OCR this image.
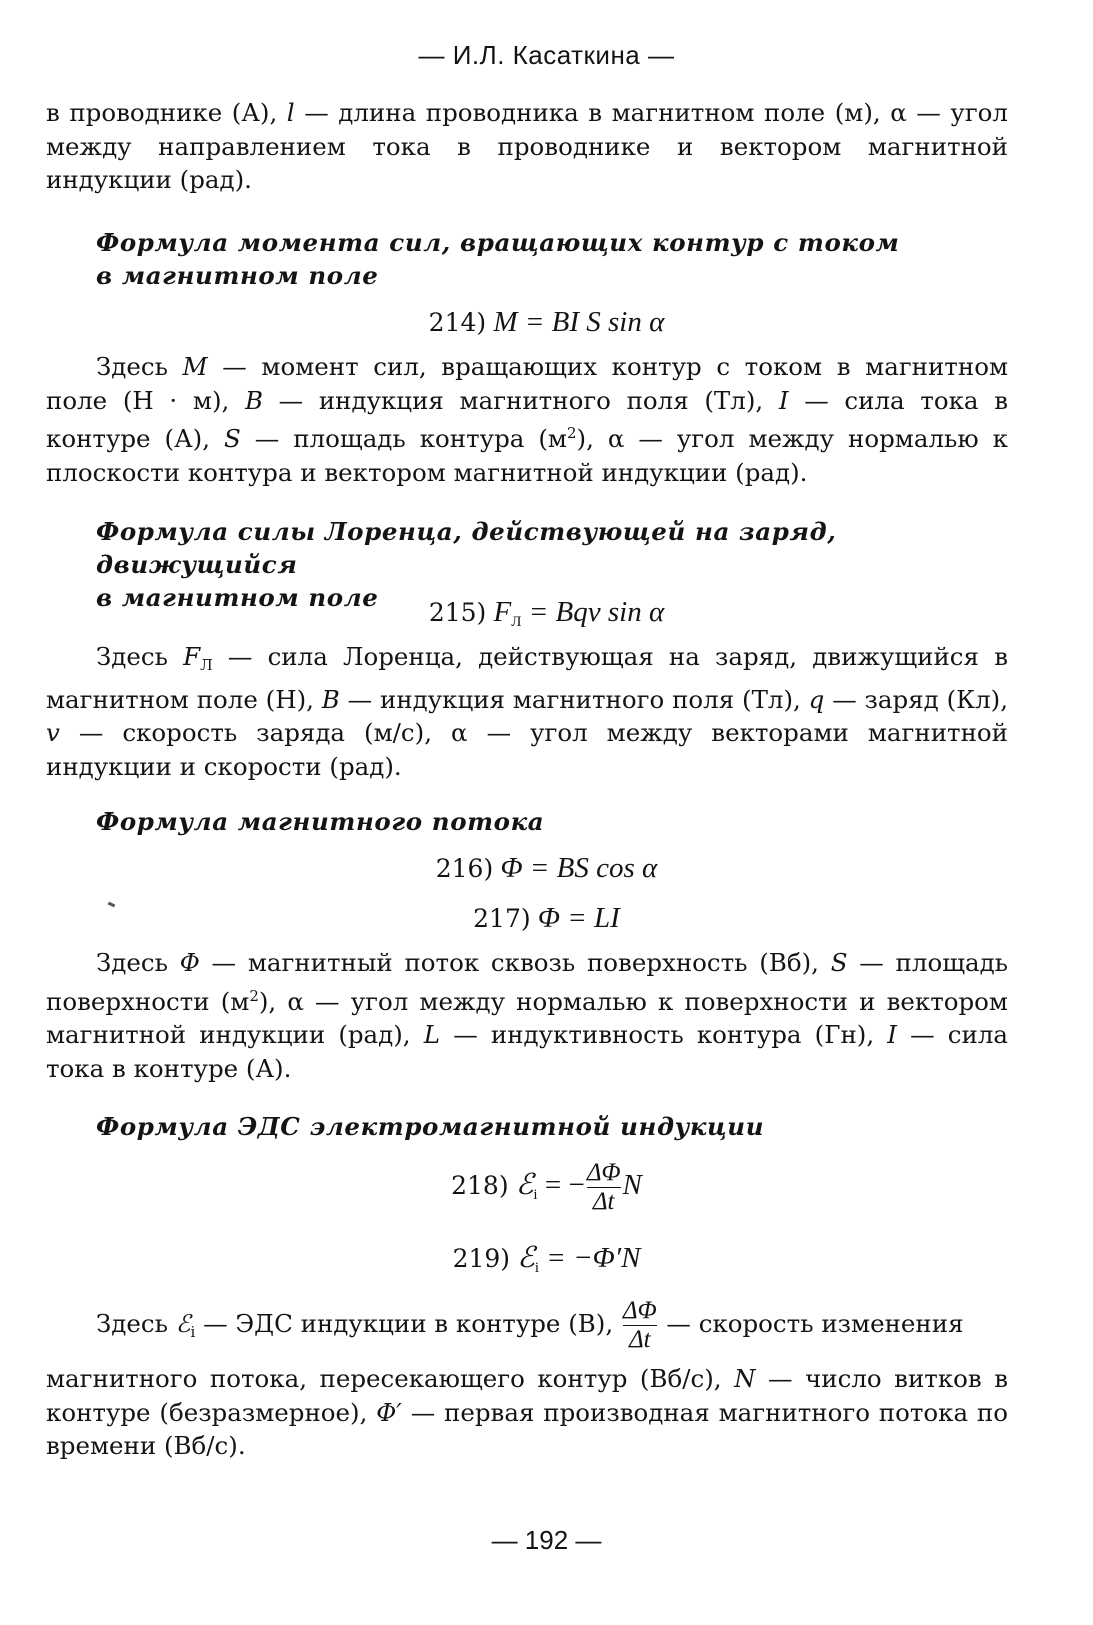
— И.Л. Касаткина —

в проводнике (А), l — длина проводника в магнитном поле (м), α — угол между направлением тока в проводнике и вектором магнитной индукции (рад).

Формула момента сил, вращающих контур с током
в магнитном поле
214) M = BI S sin α

Здесь M — момент сил, вращающих контур с током в магнитном поле (Н · м), B — индукция магнитного поля (Тл), I — сила тока в контуре (А), S — площадь контура $(м^2)$, α — угол между нормалью к плоскости контура и вектором магнитной индукции (рад).

Формула силы Лоренца, действующей на заряд, движущийся
в магнитном поле
215) $F_Л$ = Bqv sin α

Здесь $F_Л$ — сила Лоренца, действующая на заряд, движущийся в магнитном поле (Н), B — индукция магнитного поля (Тл), q — заряд (Кл), v — скорость заряда (м/с), α — угол между векторами магнитной индукции и скорости (рад).

Формула магнитного потока
216) Φ = BS cos α
217) Φ = LI

Здесь Φ — магнитный поток сквозь поверхность (Вб), S — площадь поверхности $(м^2)$, α — угол между нормалью к поверхности и вектором магнитной индукции (рад), L — индуктивность контура (Гн), I — сила тока в контуре (А).

Формула ЭДС электромагнитной индукции
218) ℰ$_i$ = − $\frac{\Delta\Phi}{\Delta t}$ N
219) ℰ$_i$ = −Φ′N

Здесь ℰ$_i$ — ЭДС индукции в контуре (В), $\frac{\Delta\Phi}{\Delta t}$ — скорость изменения

магнитного потока, пересекающего контур (Вб/с), N — число витков в контуре (безразмерное), Φ′ — первая производная магнитного потока по времени (Вб/с).

— 192 —
